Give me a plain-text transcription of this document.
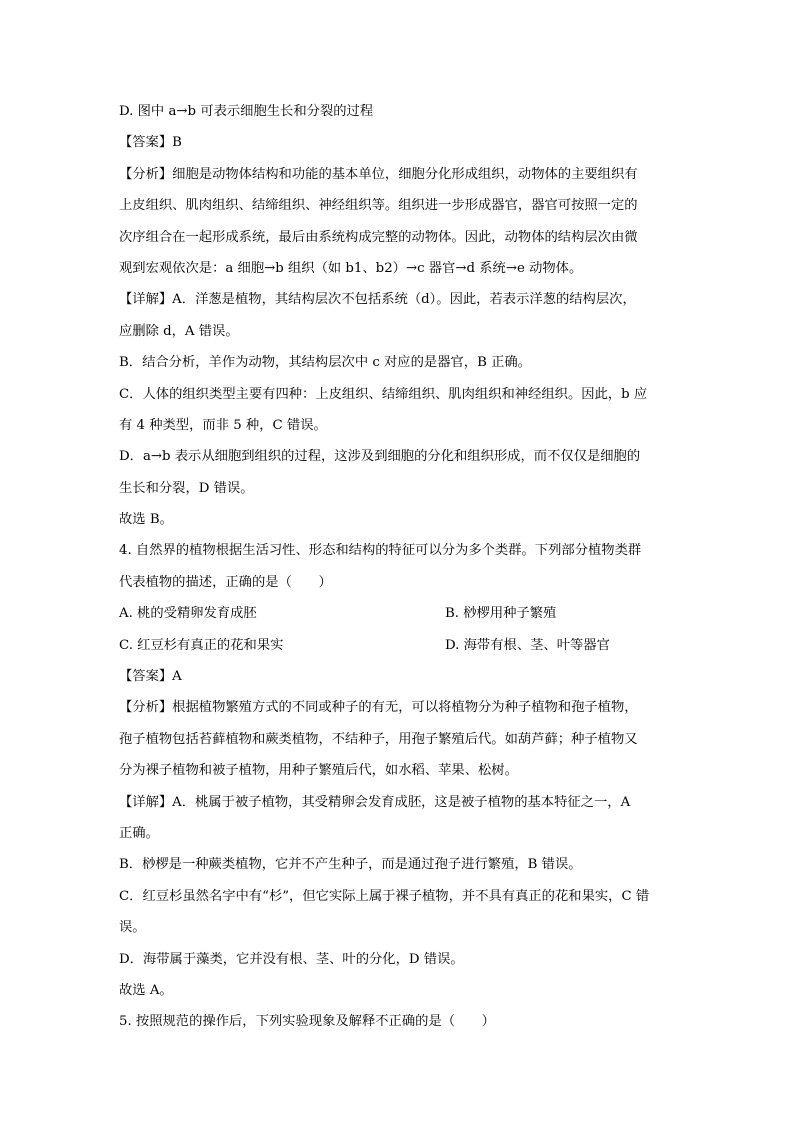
D. 图中 a→b 可表示细胞生长和分裂的过程
【答案】B
【分析】细胞是动物体结构和功能的基本单位，细胞分化形成组织，动物体的主要组织有
上皮组织、肌肉组织、结缔组织、神经组织等。组织进一步形成器官，器官可按照一定的
次序组合在一起形成系统，最后由系统构成完整的动物体。因此，动物体的结构层次由微
观到宏观依次是：a 细胞→b 组织（如 b1、b2）→c 器官→d 系统→e 动物体。
【详解】A．洋葱是植物，其结构层次不包括系统（d）。因此，若表示洋葱的结构层次，
应删除 d，A 错误。
B．结合分析，羊作为动物，其结构层次中 c 对应的是器官，B 正确。
C．人体的组织类型主要有四种：上皮组织、结缔组织、肌肉组织和神经组织。因此，b 应
有 4 种类型，而非 5 种，C 错误。
D．a→b 表示从细胞到组织的过程，这涉及到细胞的分化和组织形成，而不仅仅是细胞的
生长和分裂，D 错误。
故选 B。
4. 自然界的植物根据生活习性、形态和结构的特征可以分为多个类群。下列部分植物类群
代表植物的描述，正确的是（　　）
A. 桃的受精卵发育成胚	B. 桫椤用种子繁殖
C. 红豆杉有真正的花和果实	D. 海带有根、茎、叶等器官
【答案】A
【分析】根据植物繁殖方式的不同或种子的有无，可以将植物分为种子植物和孢子植物，
孢子植物包括苔藓植物和蕨类植物，不结种子，用孢子繁殖后代。如葫芦藓；种子植物又
分为裸子植物和被子植物，用种子繁殖后代，如水稻、苹果、松树。
【详解】A．桃属于被子植物，其受精卵会发育成胚，这是被子植物的基本特征之一，A
正确。
B．桫椤是一种蕨类植物，它并不产生种子，而是通过孢子进行繁殖，B 错误。
C．红豆杉虽然名字中有“杉”，但它实际上属于裸子植物，并不具有真正的花和果实，C 错
误。
D．海带属于藻类，它并没有根、茎、叶的分化，D 错误。
故选 A。
5. 按照规范的操作后，下列实验现象及解释不正确的是（　　）
